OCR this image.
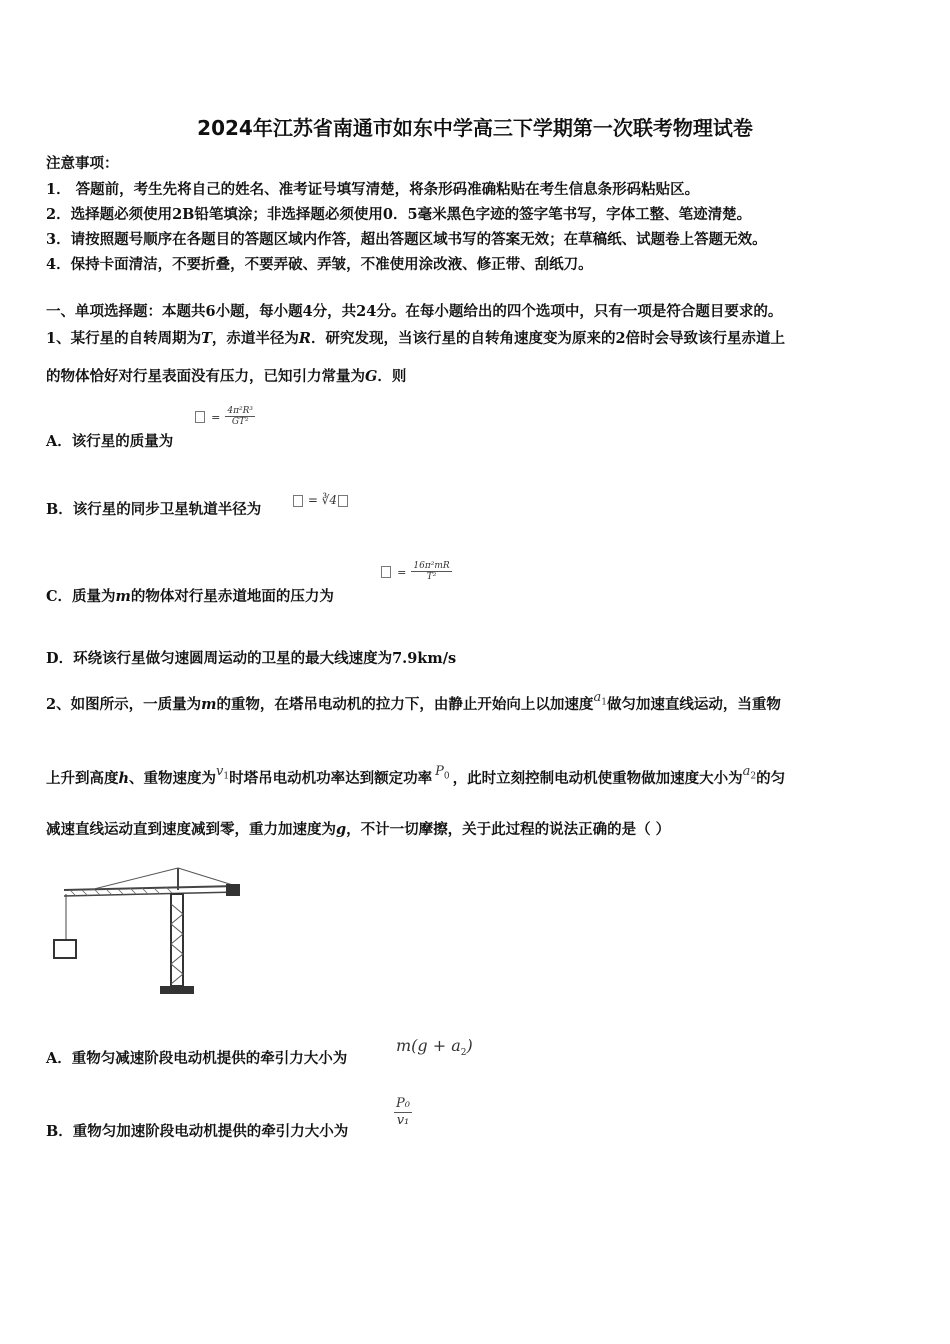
2024年江苏省南通市如东中学高三下学期第一次联考物理试卷
注意事项：
1． 答题前，考生先将自己的姓名、准考证号填写清楚，将条形码准确粘贴在考生信息条形码粘贴区。
2．选择题必须使用2B铅笔填涂；非选择题必须使用0．5毫米黑色字迹的签字笔书写，字体工整、笔迹清楚。
3．请按照题号顺序在各题目的答题区域内作答，超出答题区域书写的答案无效；在草稿纸、试题卷上答题无效。
4．保持卡面清洁，不要折叠，不要弄破、弄皱，不准使用涂改液、修正带、刮纸刀。
一、单项选择题：本题共6小题，每小题4分，共24分。在每小题给出的四个选项中，只有一项是符合题目要求的。
1、某行星的自转周期为T，赤道半径为R．研究发现，当该行星的自转角速度变为原来的2倍时会导致该行星赤道上
的物体恰好对行星表面没有压力，已知引力常量为G．则
A．该行星的质量为
= $\frac{\text{4π²R³}}{\text{GT²}}$
B．该行星的同步卫星轨道半径为
= ∛4
C．质量为m的物体对行星赤道地面的压力为
= $\frac{\text{16π²mR}}{\text{T²}}$
D．环绕该行星做匀速圆周运动的卫星的最大线速度为7.9km/s
2、如图所示，一质量为m的重物，在塔吊电动机的拉力下，由静止开始向上以加速度$a_1$做匀加速直线运动，当重物
上升到高度h、重物速度为$v_1$时塔吊电动机功率达到额定功率 $P_0$ ，此时立刻控制电动机使重物做加速度大小为$a_2$的匀
减速直线运动直到速度减到零，重力加速度为g，不计一切摩擦，关于此过程的说法正确的是（ ）
A．重物匀减速阶段电动机提供的牵引力大小为
$m(g + a_2)$
B．重物匀加速阶段电动机提供的牵引力大小为
$\frac{\text{P₀}}{\text{v₁}}$
